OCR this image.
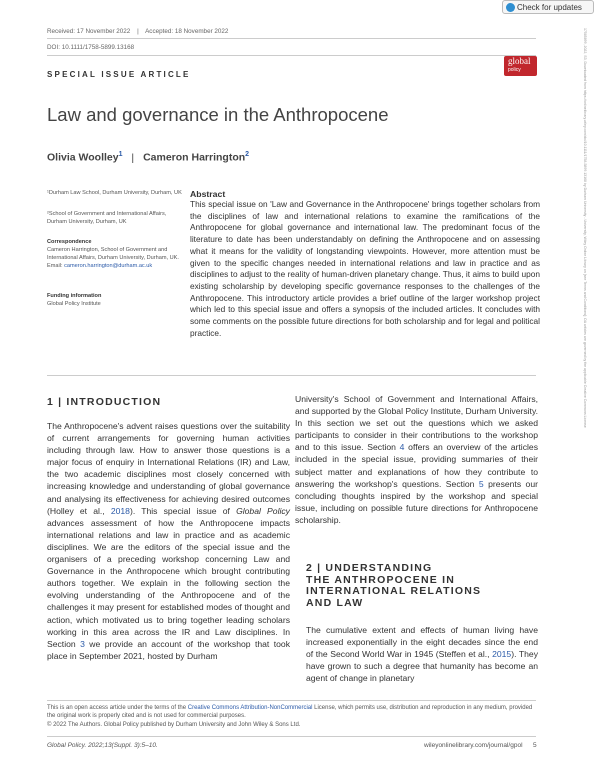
Check for updates
17585899, 2022, S3, Downloaded from https://onlinelibrary.wiley.com/doi/10.1111/1758-5899.13168 by Durham University - University, Wiley Online Library on [see Terms and Conditions]; OA articles are governed by the applicable Creative Commons License
Received: 17 November 2022 | Accepted: 18 November 2022
DOI: 10.1111/1758-5899.13168
global
policy
SPECIAL ISSUE ARTICLE
Law and governance in the Anthropocene
Olivia Woolley$^1$ | Cameron Harrington$^2$
¹Durham Law School, Durham University, Durham, UK
²School of Government and International Affairs, Durham University, Durham, UK
Correspondence
Cameron Harrington, School of Government and International Affairs, Durham University, Durham, UK.
Email: cameron.harrington@durham.ac.uk
Funding information
Global Policy Institute
Abstract
This special issue on 'Law and Governance in the Anthropocene' brings together scholars from the disciplines of law and international relations to examine the ramifications of the Anthropocene for global governance and international law. The predominant focus of the literature to date has been understandably on defining the Anthropocene and on assessing what it means for the validity of longstanding viewpoints. However, more attention must be given to the specific changes needed in international relations and law in practice and as disciplines to adjust to the reality of human-driven planetary change. Thus, it aims to build upon existing scholarship by developing specific governance responses to the challenges of the Anthropocene. This introductory article provides a brief outline of the larger workshop project which led to this special issue and offers a synopsis of the included articles. It concludes with some comments on the possible future directions for both scholarship and for legal and political practice.
1 | INTRODUCTION
The Anthropocene's advent raises questions over the suitability of current arrangements for governing human activities including through law. How to answer those questions is a major focus of enquiry in International Relations (IR) and Law, the two academic disciplines most closely concerned with increasing knowledge and understanding of global governance and analysing its effectiveness for achieving desired outcomes (Holley et al., 2018). This special issue of Global Policy advances assessment of how the Anthropocene impacts international relations and law in practice and as academic disciplines. We are the editors of the special issue and the organisers of a preceding workshop concerning Law and Governance in the Anthropocene which brought contributing authors together. We explain in the following section the evolving understanding of the Anthropocene and of the challenges it may present for established modes of thought and action, which motivated us to bring together leading scholars working in this area across the IR and Law disciplines. In Section 3 we provide an account of the workshop that took place in September 2021, hosted by Durham
University's School of Government and International Affairs, and supported by the Global Policy Institute, Durham University. In this section we set out the questions which we asked participants to consider in their contributions to the workshop and to this issue. Section 4 offers an overview of the articles included in the special issue, providing summaries of their subject matter and explanations of how they contribute to answering the workshop's questions. Section 5 presents our concluding thoughts inspired by the workshop and special issue, including on possible future directions for Anthropocene scholarship.
2 | UNDERSTANDING
THE ANTHROPOCENE IN
INTERNATIONAL RELATIONS
AND LAW
The cumulative extent and effects of human living have increased exponentially in the eight decades since the end of the Second World War in 1945 (Steffen et al., 2015). They have grown to such a degree that humanity has become an agent of change in planetary
This is an open access article under the terms of the Creative Commons Attribution-NonCommercial License, which permits use, distribution and reproduction in any medium, provided the original work is properly cited and is not used for commercial purposes.
© 2022 The Authors. Global Policy published by Durham University and John Wiley & Sons Ltd.
Global Policy. 2022;13(Suppl. 3):5–10.	wileyonlinelibrary.com/journal/gpol 5
